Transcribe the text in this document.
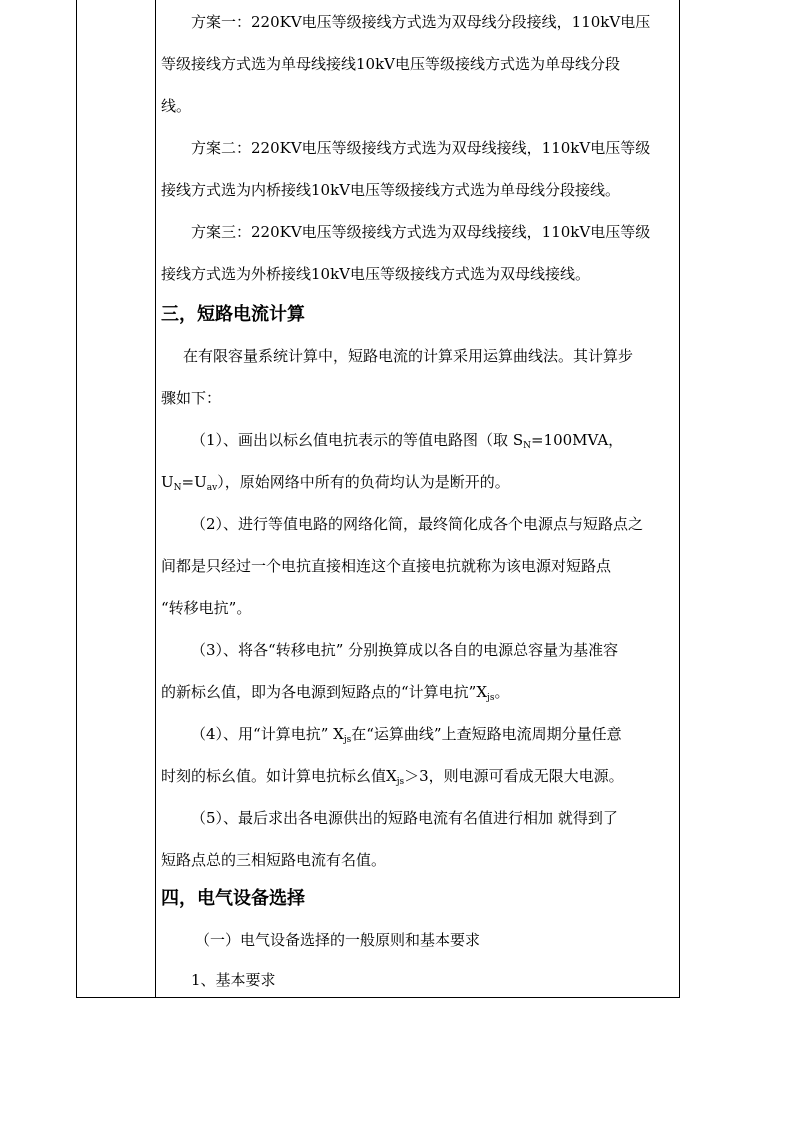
方案一：220KV电压等级接线方式选为双母线分段接线，110kV电压
等级接线方式选为单母线接线10kV电压等级接线方式选为单母线分段
线。
方案二：220KV电压等级接线方式选为双母线接线，110kV电压等级
接线方式选为内桥接线10kV电压等级接线方式选为单母线分段接线。
方案三：220KV电压等级接线方式选为双母线接线，110kV电压等级
接线方式选为外桥接线10kV电压等级接线方式选为双母线接线。
三，短路电流计算
在有限容量系统计算中，短路电流的计算采用运算曲线法。其计算步
骤如下：
（1）、画出以标幺值电抗表示的等值电路图（取 $S_N=100MVA$，
$U_N=U_{av}$），原始网络中所有的负荷均认为是断开的。
（2）、进行等值电路的网络化简，最终简化成各个电源点与短路点之
间都是只经过一个电抗直接相连这个直接电抗就称为该电源对短路点
“转移电抗”。
（3）、将各“转移电抗” 分别换算成以各自的电源总容量为基准容
的新标幺值，即为各电源到短路点的“计算电抗$”X_{js}$。
（4）、用“计算电抗” $X_{js}$在“运算曲线”上查短路电流周期分量任意
时刻的标幺值。如计算电抗标幺值$X_{js}>3$，则电源可看成无限大电源。
（5）、最后求出各电源供出的短路电流有名值进行相加 就得到了
短路点总的三相短路电流有名值。
四，电气设备选择
（一）电气设备选择的一般原则和基本要求
1、基本要求
